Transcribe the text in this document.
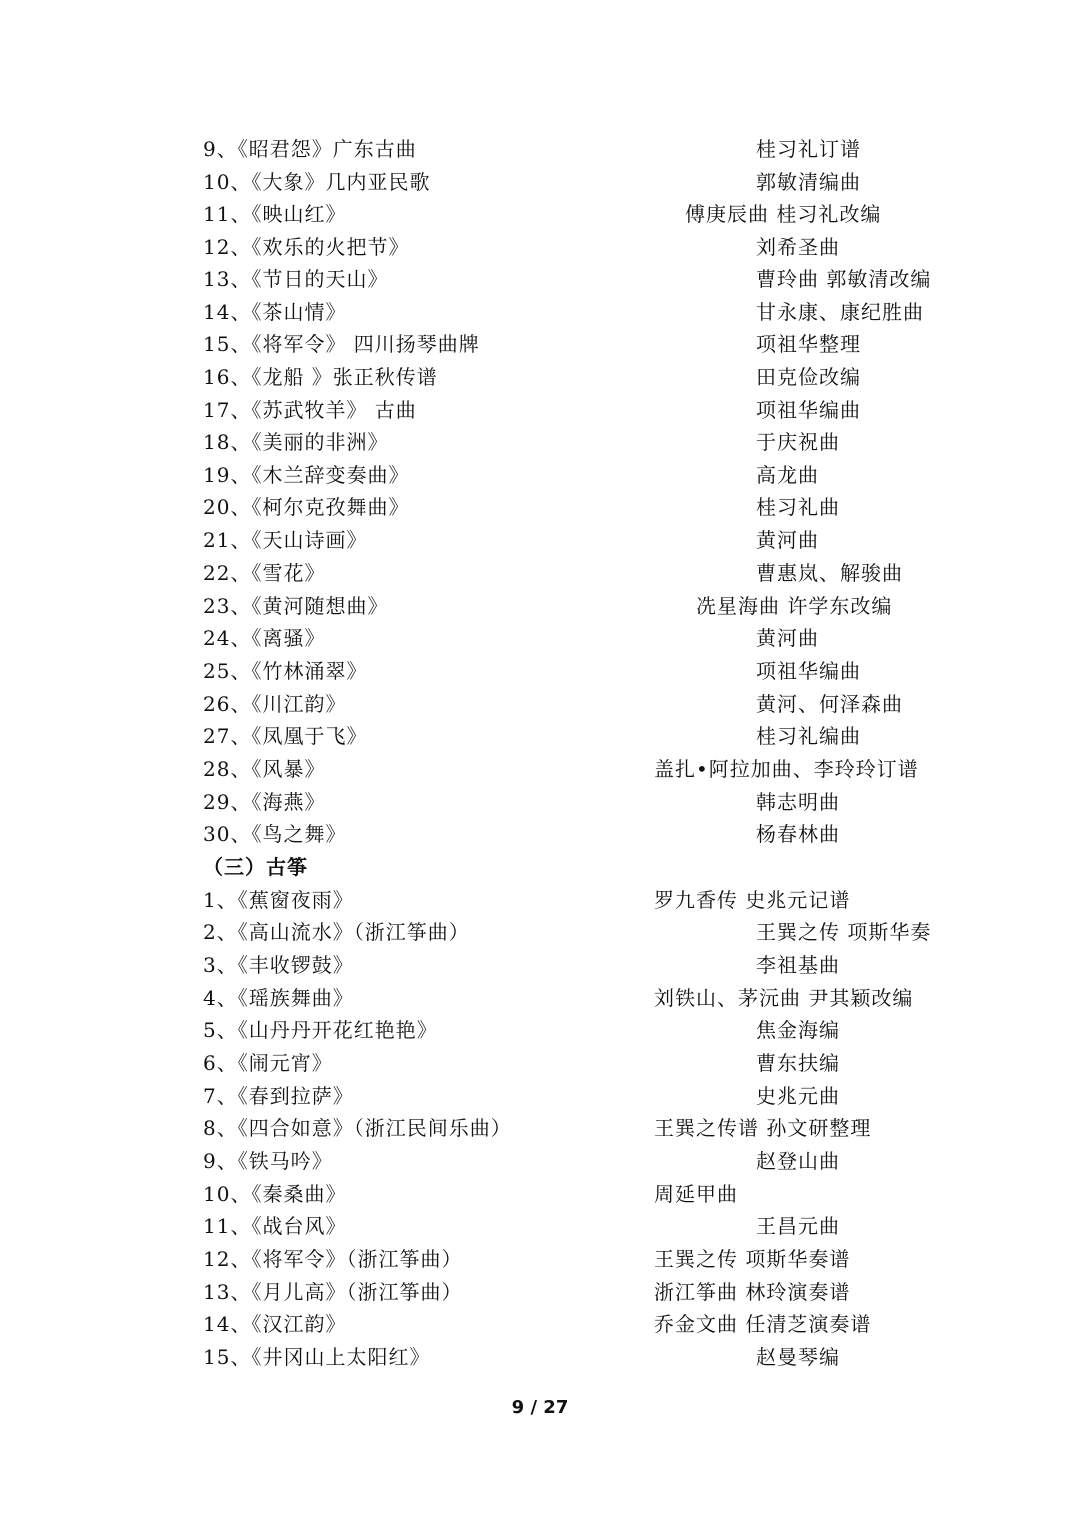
9、《昭君怨》广东古曲	桂习礼订谱
10、《大象》几内亚民歌	郭敏清编曲
11、《映山红》	傅庚辰曲 桂习礼改编
12、《欢乐的火把节》	刘希圣曲
13、《节日的天山》	曹玲曲 郭敏清改编
14、《茶山情》	甘永康、康纪胜曲
15、《将军令》 四川扬琴曲牌	项祖华整理
16、《龙船 》张正秋传谱	田克俭改编
17、《苏武牧羊》 古曲	项祖华编曲
18、《美丽的非洲》	于庆祝曲
19、《木兰辞变奏曲》	高龙曲
20、《柯尔克孜舞曲》	桂习礼曲
21、《天山诗画》	黄河曲
22、《雪花》	曹惠岚、解骏曲
23、《黄河随想曲》	冼星海曲 许学东改编
24、《离骚》	黄河曲
25、《竹林涌翠》	项祖华编曲
26、《川江韵》	黄河、何泽森曲
27、《凤凰于飞》	桂习礼编曲
28、《风暴》	盖扎•阿拉加曲、李玲玲订谱
29、《海燕》	韩志明曲
30、《鸟之舞》	杨春林曲
（三）古筝
1、《蕉窗夜雨》	罗九香传 史兆元记谱
2、《高山流水》（浙江筝曲）	王巽之传 项斯华奏
3、《丰收锣鼓》	李祖基曲
4、《瑶族舞曲》	刘铁山、茅沅曲 尹其颖改编
5、《山丹丹开花红艳艳》	焦金海编
6、《闹元宵》	曹东扶编
7、《春到拉萨》	史兆元曲
8、《四合如意》（浙江民间乐曲）	王巽之传谱 孙文研整理
9、《铁马吟》	赵登山曲
10、《秦桑曲》	周延甲曲
11、《战台风》	王昌元曲
12、《将军令》（浙江筝曲）	王巽之传 项斯华奏谱
13、《月儿高》（浙江筝曲）	浙江筝曲 林玲演奏谱
14、《汉江韵》	乔金文曲 任清芝演奏谱
15、《井冈山上太阳红》	赵曼琴编
9 / 27
